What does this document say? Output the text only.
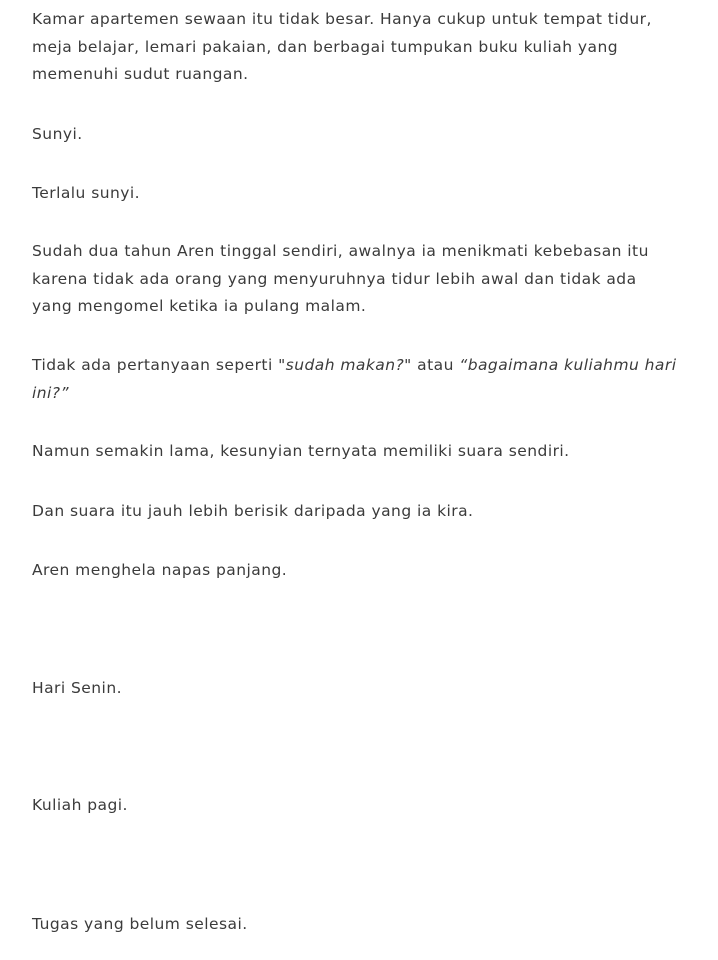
Kamar apartemen sewaan itu tidak besar. Hanya cukup untuk tempat tidur,
meja belajar, lemari pakaian, dan berbagai tumpukan buku kuliah yang
memenuhi sudut ruangan.

Sunyi.

Terlalu sunyi.

Sudah dua tahun Aren tinggal sendiri, awalnya ia menikmati kebebasan itu
karena tidak ada orang yang menyuruhnya tidur lebih awal dan tidak ada
yang mengomel ketika ia pulang malam.

Tidak ada pertanyaan seperti "sudah makan?" atau “bagaimana kuliahmu hari
ini?”

Namun semakin lama, kesunyian ternyata memiliki suara sendiri.

Dan suara itu jauh lebih berisik daripada yang ia kira.

Aren menghela napas panjang.

Hari Senin.

Kuliah pagi.

Tugas yang belum selesai.
